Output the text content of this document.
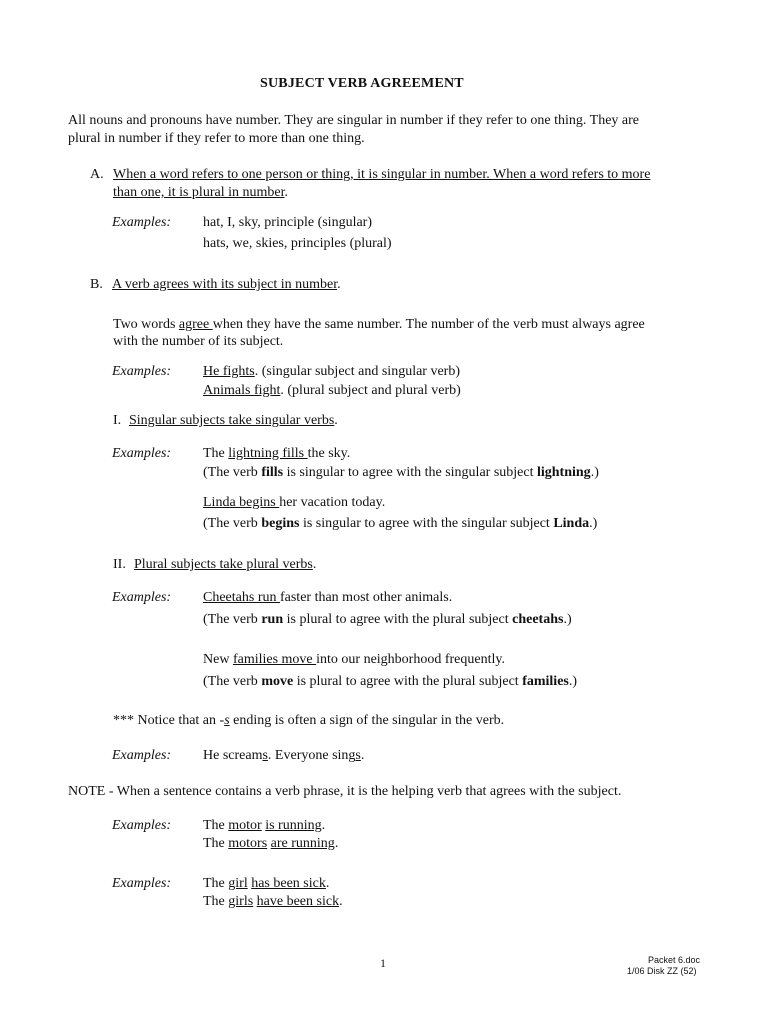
SUBJECT VERB AGREEMENT
All nouns and pronouns have number. They are singular in number if they refer to one thing. They are
plural in number if they refer to more than one thing.
A. When a word refers to one person or thing, it is singular in number. When a word refers to more
than one, it is plural in number.
Examples: hat, I, sky, principle (singular)
hats, we, skies, principles (plural)
B. A verb agrees with its subject in number.
Two words agree when they have the same number. The number of the verb must always agree
with the number of its subject.
Examples: He fights. (singular subject and singular verb)
Animals fight. (plural subject and plural verb)
I. Singular subjects take singular verbs.
Examples: The lightning fills the sky.
(The verb fills is singular to agree with the singular subject lightning.)
Linda begins her vacation today.
(The verb begins is singular to agree with the singular subject Linda.)
II. Plural subjects take plural verbs.
Examples: Cheetahs run faster than most other animals.
(The verb run is plural to agree with the plural subject cheetahs.)
New families move into our neighborhood frequently.
(The verb move is plural to agree with the plural subject families.)
*** Notice that an -s ending is often a sign of the singular in the verb.
Examples: He screams. Everyone sings.
NOTE - When a sentence contains a verb phrase, it is the helping verb that agrees with the subject.
Examples: The motor is running.
The motors are running.
Examples: The girl has been sick.
The girls have been sick.
1	Packet 6.doc
1/06 Disk ZZ (52)
